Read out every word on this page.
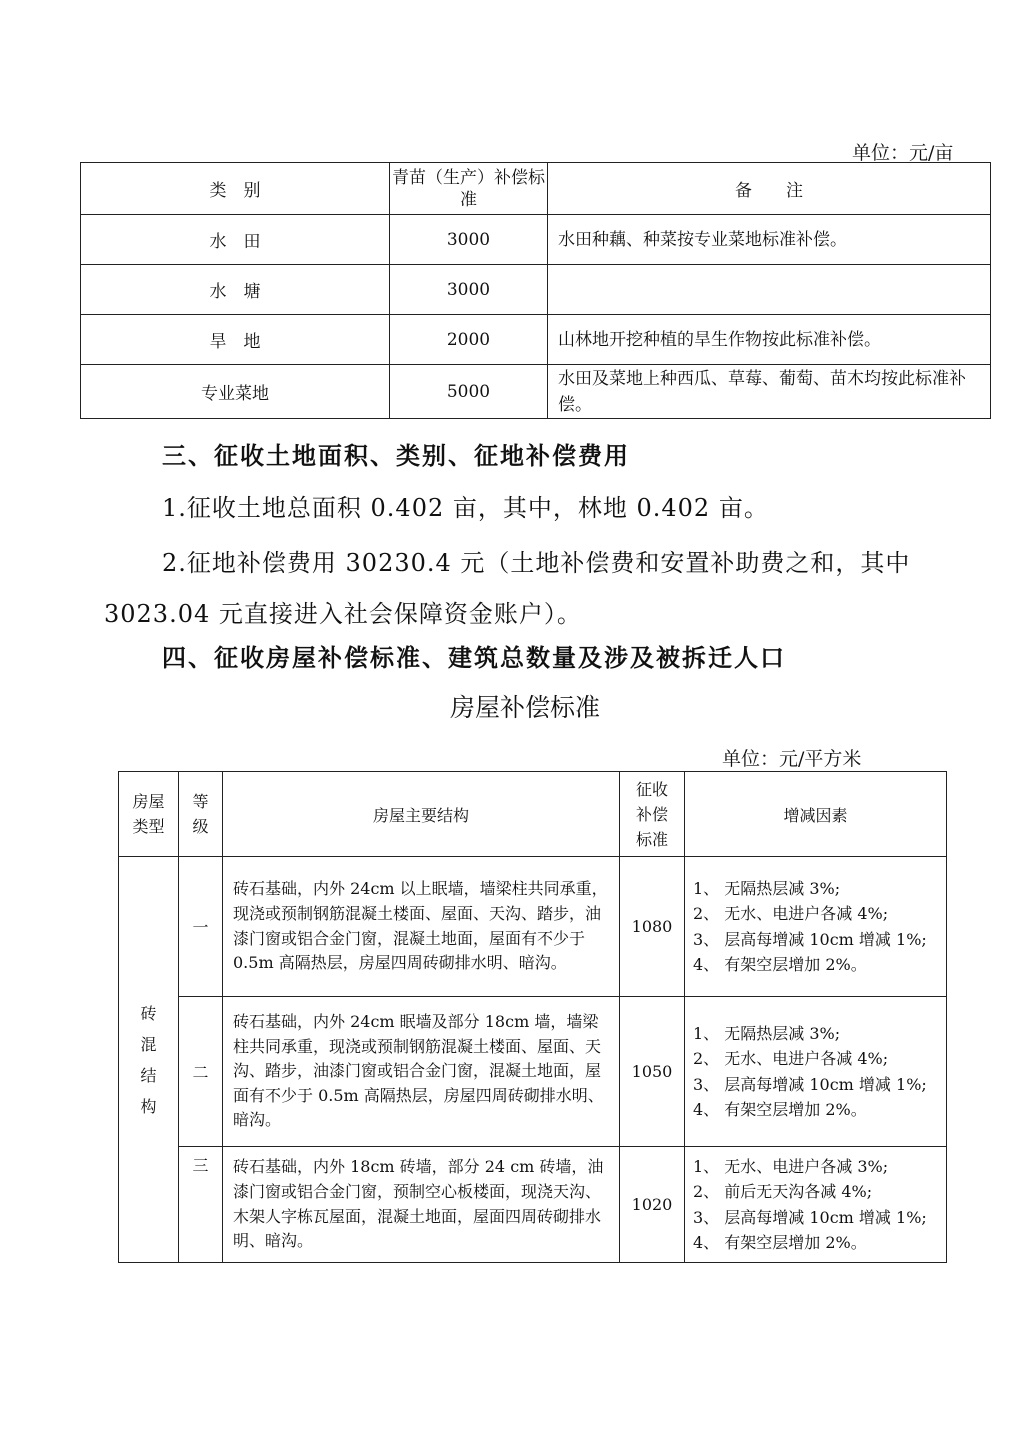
单位：元/亩
类　别	青苗（生产）补偿标准	备　　注
水　田	3000	水田种藕、种菜按专业菜地标准补偿。
水　塘	3000	
旱　地	2000	山林地开挖种植的旱生作物按此标准补偿。
专业菜地	5000	水田及菜地上种西瓜、草莓、葡萄、苗木均按此标准补偿。
三、征收土地面积、类别、征地补偿费用
1.征收土地总面积 0.402 亩，其中，林地 0.402 亩。
2.征地补偿费用 30230.4 元（土地补偿费和安置补助费之和，其中3023.04 元直接进入社会保障资金账户）。
四、征收房屋补偿标准、建筑总数量及涉及被拆迁人口
房屋补偿标准
单位：元/平方米
房屋类型	等级	房屋主要结构	征收补偿标准	增减因素

砖混结构	一	砖石基础，内外 24cm 以上眠墙，墙梁柱共同承重，现浇或预制钢筋混凝土楼面、屋面、天沟、踏步，油漆门窗或铝合金门窗，混凝土地面，屋面有不少于 0.5m 高隔热层，房屋四周砖砌排水明、暗沟。	1080	1、 无隔热层减 3%;
2、 无水、电进户各减 4%;
3、 层高每增减 10cm 增减 1%;
4、 有架空层增加 2%。

	二	砖石基础，内外 24cm 眠墙及部分 18cm 墙，墙梁柱共同承重，现浇或预制钢筋混凝土楼面、屋面、天沟、踏步，油漆门窗或铝合金门窗，混凝土地面，屋面有不少于 0.5m 高隔热层，房屋四周砖砌排水明、暗沟。	1050	1、 无隔热层减 3%;
2、 无水、电进户各减 4%;
3、 层高每增减 10cm 增减 1%;
4、 有架空层增加 2%。

	三	砖石基础，内外 18cm 砖墙，部分 24 cm 砖墙，油漆门窗或铝合金门窗，预制空心板楼面，现浇天沟、木架人字栋瓦屋面，混凝土地面，屋面四周砖砌排水明、暗沟。	1020	1、 无水、电进户各减 3%;
2、 前后无天沟各减 4%;
3、 层高每增减 10cm 增减 1%;
4、 有架空层增加 2%。
